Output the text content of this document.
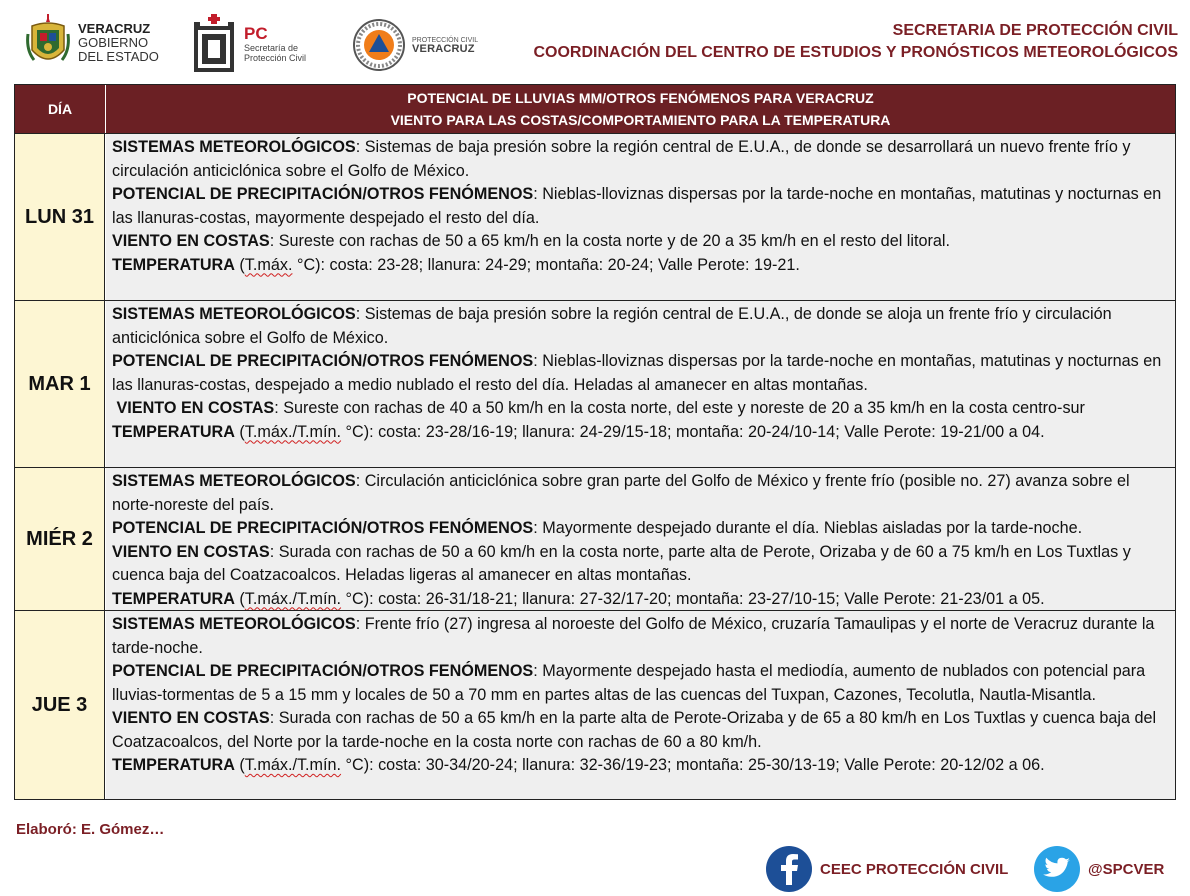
VERACRUZ
GOBIERNO
DEL ESTADO
PC
Secretaría de
Protección Civil
PROTECCIÓN CIVIL
VERACRUZ
SECRETARIA DE PROTECCIÓN CIVIL
COORDINACIÓN DEL CENTRO DE ESTUDIOS Y PRONÓSTICOS METEOROLÓGICOS
DÍA
POTENCIAL DE LLUVIAS MM/OTROS FENÓMENOS PARA VERACRUZ
VIENTO PARA LAS COSTAS/COMPORTAMIENTO PARA LA TEMPERATURA
LUN 31

SISTEMAS METEOROLÓGICOS: Sistemas de baja presión sobre la región central de E.U.A., de donde se desarrollará un nuevo frente frío y circulación anticiclónica sobre el Golfo de México.

POTENCIAL DE PRECIPITACIÓN/OTROS FENÓMENOS: Nieblas-lloviznas dispersas por la tarde-noche en montañas, matutinas y nocturnas en las llanuras-costas, mayormente despejado el resto del día.

VIENTO EN COSTAS: Sureste con rachas de 50 a 65 km/h en la costa norte y de 20 a 35 km/h en el resto del litoral.

TEMPERATURA (T.máx. °C): costa: 23-28; llanura: 24-29; montaña: 20-24; Valle Perote: 19-21.

MAR 1

SISTEMAS METEOROLÓGICOS: Sistemas de baja presión sobre la región central de E.U.A., de donde se aloja un frente frío y circulación anticiclónica sobre el Golfo de México.

POTENCIAL DE PRECIPITACIÓN/OTROS FENÓMENOS: Nieblas-lloviznas dispersas por la tarde-noche en montañas, matutinas y nocturnas en las llanuras-costas, despejado a medio nublado el resto del día. Heladas al amanecer en altas montañas.

VIENTO EN COSTAS: Sureste con rachas de 40 a 50 km/h en la costa norte, del este y noreste de 20 a 35 km/h en la costa centro-sur

TEMPERATURA (T.máx./T.mín. °C): costa: 23-28/16-19; llanura: 24-29/15-18; montaña: 20-24/10-14; Valle Perote: 19-21/00 a 04.

MIÉR 2

SISTEMAS METEOROLÓGICOS: Circulación anticiclónica sobre gran parte del Golfo de México y frente frío (posible no. 27) avanza sobre el norte-noreste del país.

POTENCIAL DE PRECIPITACIÓN/OTROS FENÓMENOS: Mayormente despejado durante el día. Nieblas aisladas por la tarde-noche.

VIENTO EN COSTAS: Surada con rachas de 50 a 60 km/h en la costa norte, parte alta de Perote, Orizaba y de 60 a 75 km/h en Los Tuxtlas y cuenca baja del Coatzacoalcos. Heladas ligeras al amanecer en altas montañas.

TEMPERATURA (T.máx./T.mín. °C): costa: 26-31/18-21; llanura: 27-32/17-20; montaña: 23-27/10-15; Valle Perote: 21-23/01 a 05.

JUE 3

SISTEMAS METEOROLÓGICOS: Frente frío (27) ingresa al noroeste del Golfo de México, cruzaría Tamaulipas y el norte de Veracruz durante la tarde-noche.

POTENCIAL DE PRECIPITACIÓN/OTROS FENÓMENOS: Mayormente despejado hasta el mediodía, aumento de nublados con potencial para lluvias-tormentas de 5 a 15 mm y locales de 50 a 70 mm en partes altas de las cuencas del Tuxpan, Cazones, Tecolutla, Nautla-Misantla.

VIENTO EN COSTAS: Surada con rachas de 50 a 65 km/h en la parte alta de Perote-Orizaba y de 65 a 80 km/h en Los Tuxtlas y cuenca baja del Coatzacoalcos, del Norte por la tarde-noche en la costa norte con rachas de 60 a 80 km/h.

TEMPERATURA (T.máx./T.mín. °C): costa: 30-34/20-24; llanura: 32-36/19-23; montaña: 25-30/13-19; Valle Perote: 20-12/02 a 06.

Elaboró: E. Gómez…
CEEC PROTECCIÓN CIVIL	@SPCVER
